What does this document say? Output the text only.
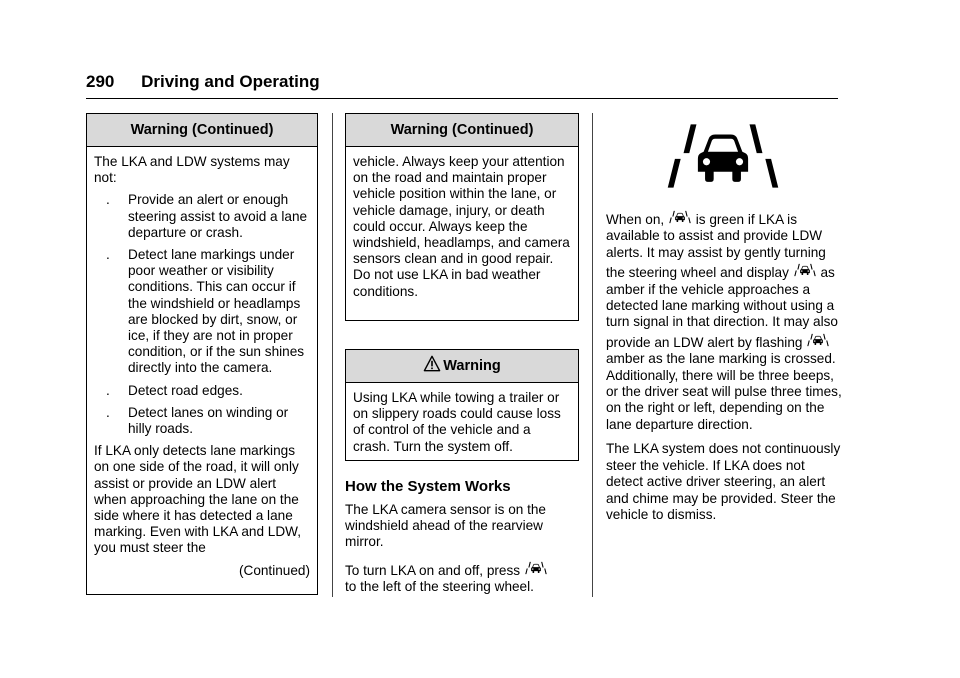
290 Driving and Operating
Warning (Continued)

The LKA and LDW systems may not:

. Provide an alert or enough steering assist to avoid a lane departure or crash.
. Detect lane markings under poor weather or visibility conditions. This can occur if the windshield or headlamps are blocked by dirt, snow, or ice, if they are not in proper condition, or if the sun shines directly into the camera.
. Detect road edges.
. Detect lanes on winding or hilly roads.

If LKA only detects lane markings on one side of the road, it will only assist or provide an LDW alert when approaching the lane on the side where it has detected a lane marking. Even with LKA and LDW, you must steer the

(Continued)
Warning (Continued)

vehicle. Always keep your attention on the road and maintain proper vehicle position within the lane, or vehicle damage, injury, or death could occur. Always keep the windshield, headlamps, and camera sensors clean and in good repair. Do not use LKA in bad weather conditions.

Warning

Using LKA while towing a trailer or on slippery roads could cause loss of control of the vehicle and a crash. Turn the system off.

How the System Works

The LKA camera sensor is on the windshield ahead of the rearview mirror.

To turn LKA on and off, press
to the left of the steering wheel.

When on, is green if LKA is available to assist and provide LDW alerts. It may assist by gently turning the steering wheel and display as amber if the vehicle approaches a detected lane marking without using a turn signal in that direction. It may also provide an LDW alert by flashing  amber as the lane marking is crossed. Additionally, there will be three beeps, or the driver seat will pulse three times, on the right or left, depending on the lane departure direction.

The LKA system does not continuously steer the vehicle. If LKA does not detect active driver steering, an alert and chime may be provided. Steer the vehicle to dismiss.
